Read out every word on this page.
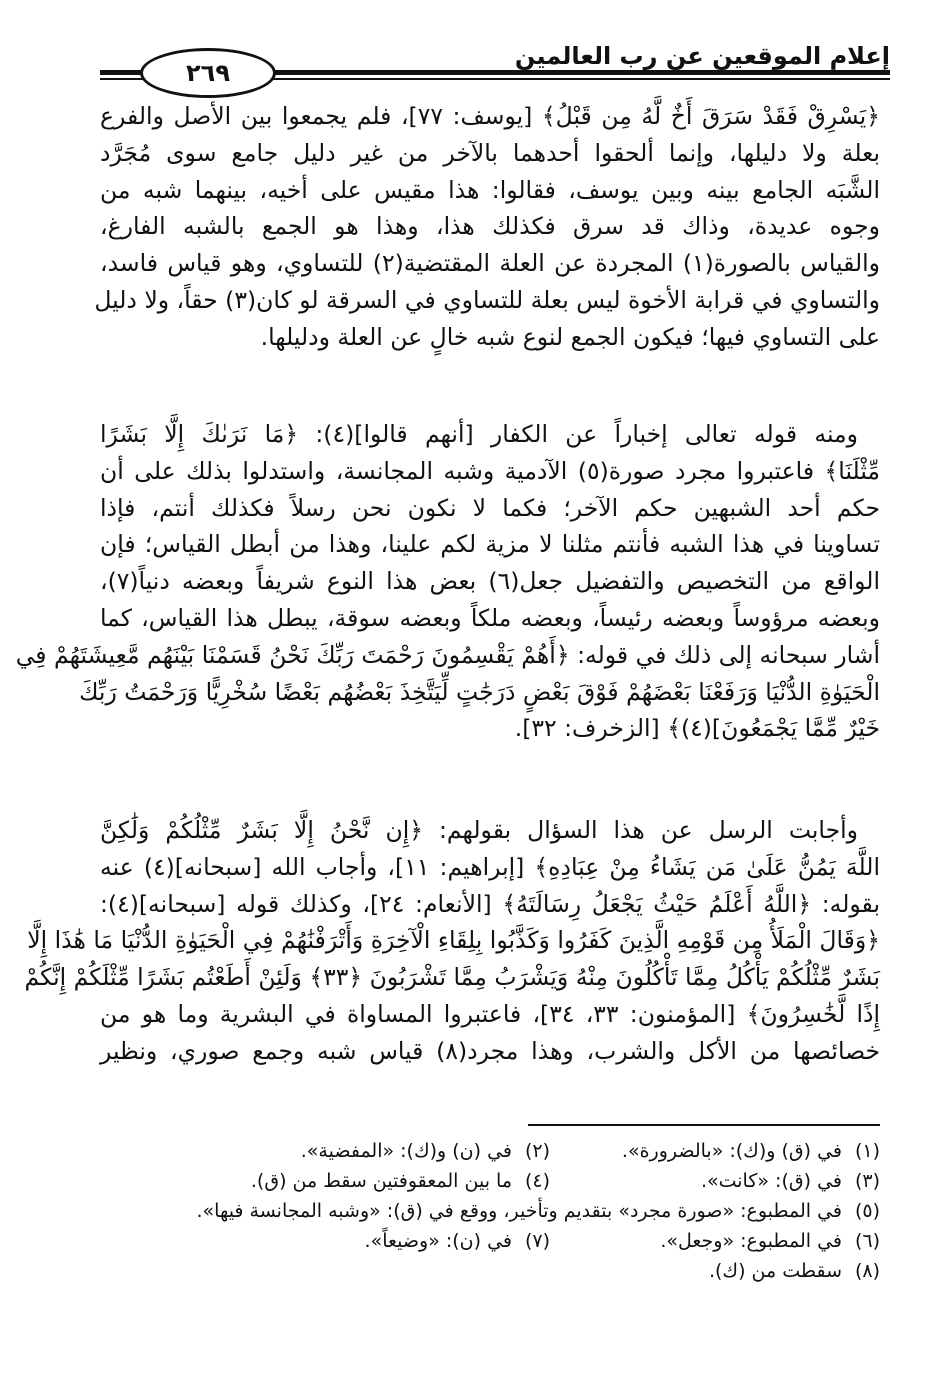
إعلام الموقعين عن رب العالمين
٢٦٩
﴿يَسْرِقْ فَقَدْ سَرَقَ أَخٌ لَّهُ مِن قَبْلُ﴾ [يوسف: ٧٧]، فلم يجمعوا بين الأصل والفرع
بعلة ولا دليلها، وإنما ألحقوا أحدهما بالآخر من غير دليل جامع سوى مُجَرَّد
الشَّبَه الجامع بينه وبين يوسف، فقالوا: هذا مقيس على أخيه، بينهما شبه من
وجوه عديدة، وذاك قد سرق فكذلك هذا، وهذا هو الجمع بالشبه الفارغ،
والقياس بالصورة(١) المجردة عن العلة المقتضية(٢) للتساوي، وهو قياس فاسد،
والتساوي في قرابة الأخوة ليس بعلة للتساوي في السرقة لو كان(٣) حقاً، ولا دليل
على التساوي فيها؛ فيكون الجمع لنوع شبه خالٍ عن العلة ودليلها.
ومنه قوله تعالى إخباراً عن الكفار [أنهم قالوا](٤): ﴿مَا نَرَىٰكَ إِلَّا بَشَرًا
مِّثْلَنَا﴾ فاعتبروا مجرد صورة(٥) الآدمية وشبه المجانسة، واستدلوا بذلك على أن
حكم أحد الشبهين حكم الآخر؛ فكما لا نكون نحن رسلاً فكذلك أنتم، فإذا
تساوينا في هذا الشبه فأنتم مثلنا لا مزية لكم علينا، وهذا من أبطل القياس؛ فإن
الواقع من التخصيص والتفضيل جعل(٦) بعض هذا النوع شريفاً وبعضه دنياً(٧)،
وبعضه مرؤوساً وبعضه رئيساً، وبعضه ملكاً وبعضه سوقة، يبطل هذا القياس، كما
أشار سبحانه إلى ذلك في قوله: ﴿أَهُمْ يَقْسِمُونَ رَحْمَتَ رَبِّكَ نَحْنُ قَسَمْنَا بَيْنَهُم مَّعِيشَتَهُمْ فِي
الْحَيَوٰةِ الدُّنْيَا وَرَفَعْنَا بَعْضَهُمْ فَوْقَ بَعْضٍ دَرَجَٰتٍ لِّيَتَّخِذَ بَعْضُهُم بَعْضًا سُخْرِيًّا وَرَحْمَتُ رَبِّكَ
خَيْرٌ مِّمَّا يَجْمَعُونَ](٤)﴾ [الزخرف: ٣٢].
وأجابت الرسل عن هذا السؤال بقولهم: ﴿إِن نَّحْنُ إِلَّا بَشَرٌ مِّثْلُكُمْ وَلَٰكِنَّ
اللَّهَ يَمُنُّ عَلَىٰ مَن يَشَاءُ مِنْ عِبَادِهِ﴾ [إبراهيم: ١١]، وأجاب الله [سبحانه](٤) عنه
بقوله: ﴿اللَّهُ أَعْلَمُ حَيْثُ يَجْعَلُ رِسَالَتَهُ﴾ [الأنعام: ٢٤]، وكذلك قوله [سبحانه](٤):
﴿وَقَالَ الْمَلَأُ مِن قَوْمِهِ الَّذِينَ كَفَرُوا وَكَذَّبُوا بِلِقَاءِ الْآخِرَةِ وَأَتْرَفْنَٰهُمْ فِي الْحَيَوٰةِ الدُّنْيَا مَا هَٰذَا إِلَّا
بَشَرٌ مِّثْلُكُمْ يَأْكُلُ مِمَّا تَأْكُلُونَ مِنْهُ وَيَشْرَبُ مِمَّا تَشْرَبُونَ ﴿٣٣﴾ وَلَئِنْ أَطَعْتُم بَشَرًا مِّثْلَكُمْ إِنَّكُمْ
إِذًا لَّخَٰسِرُونَ﴾ [المؤمنون: ٣٣، ٣٤]، فاعتبروا المساواة في البشرية وما هو من
خصائصها من الأكل والشرب، وهذا مجرد(٨) قياس شبه وجمع صوري، ونظير
(١)
في (ق) و(ك): «بالضرورة».
(٢)
في (ن) و(ك): «المفضية».
(٣)
في (ق): «كانت».
(٤)
ما بين المعقوفتين سقط من (ق).
(٥)
في المطبوع: «صورة مجرد» بتقديم وتأخير، ووقع في (ق): «وشبه المجانسة فيها».
(٦)
في المطبوع: «وجعل».
(٧)
في (ن): «وضيعاً».
(٨)
سقطت من (ك).
